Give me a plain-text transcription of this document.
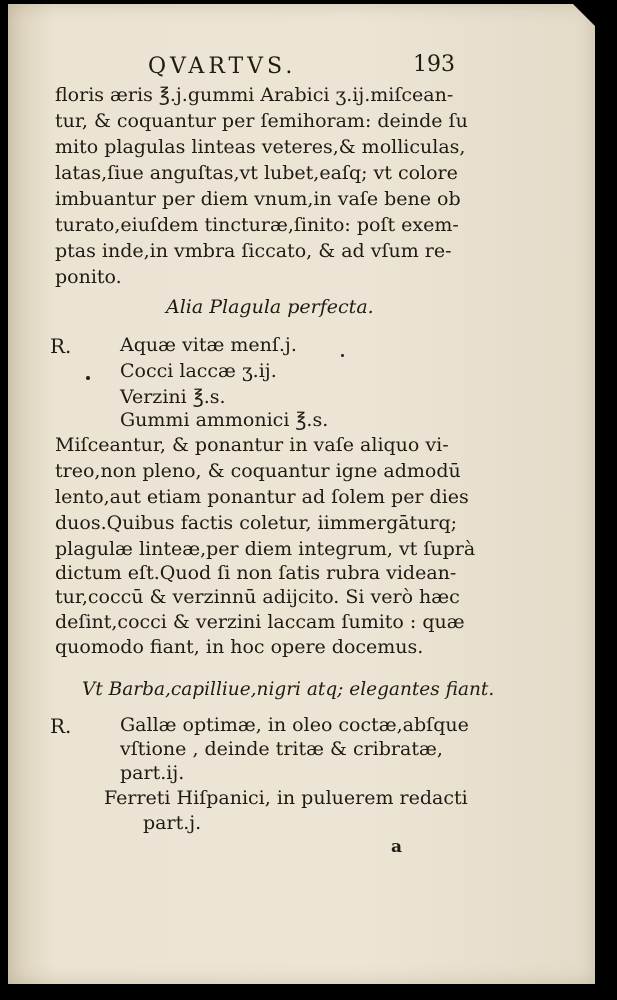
QVARTVS.	193
floris æris ℥.j.gummi Arabici ʒ.ij.miſcean-
tur, & coquantur per ſemihoram: deinde ſu
mito plagulas linteas veteres,& molliculas,
latas,ſiue anguſtas,vt lubet,eaſq; vt colore
imbuantur per diem vnum,in vaſe bene ob
turato,eiuſdem tincturæ,ſinito: poſt exem-
ptas inde,in vmbra ſiccato, & ad vſum re-
ponito.
Alia Plagula perfecta.
R.	Aquæ vitæ menſ.j.
Cocci laccæ ʒ.ij.
Verzini ℥.s.
Gummi ammonici ℥.s.
Miſceantur, & ponantur in vaſe aliquo vi-
treo,non pleno, & coquantur igne admodū
lento,aut etiam ponantur ad ſolem per dies
duos.Quibus factis coletur, iimmergāturq;
plagulæ linteæ,per diem integrum, vt ſuprà
dictum eſt.Quod ſi non ſatis rubra videan-
tur,coccū & verzinnū adijcito. Si verò hæc
deſint,cocci & verzini laccam ſumito : quæ
quomodo fiant, in hoc opere docemus.
Vt Barba,capilliue,nigri atq; elegantes fiant.
R.	Gallæ optimæ, in oleo coctæ,abſque
vſtione , deinde tritæ & cribratæ,
part.ij.
Ferreti Hiſpanici, in puluerem redacti
part.j.
a
